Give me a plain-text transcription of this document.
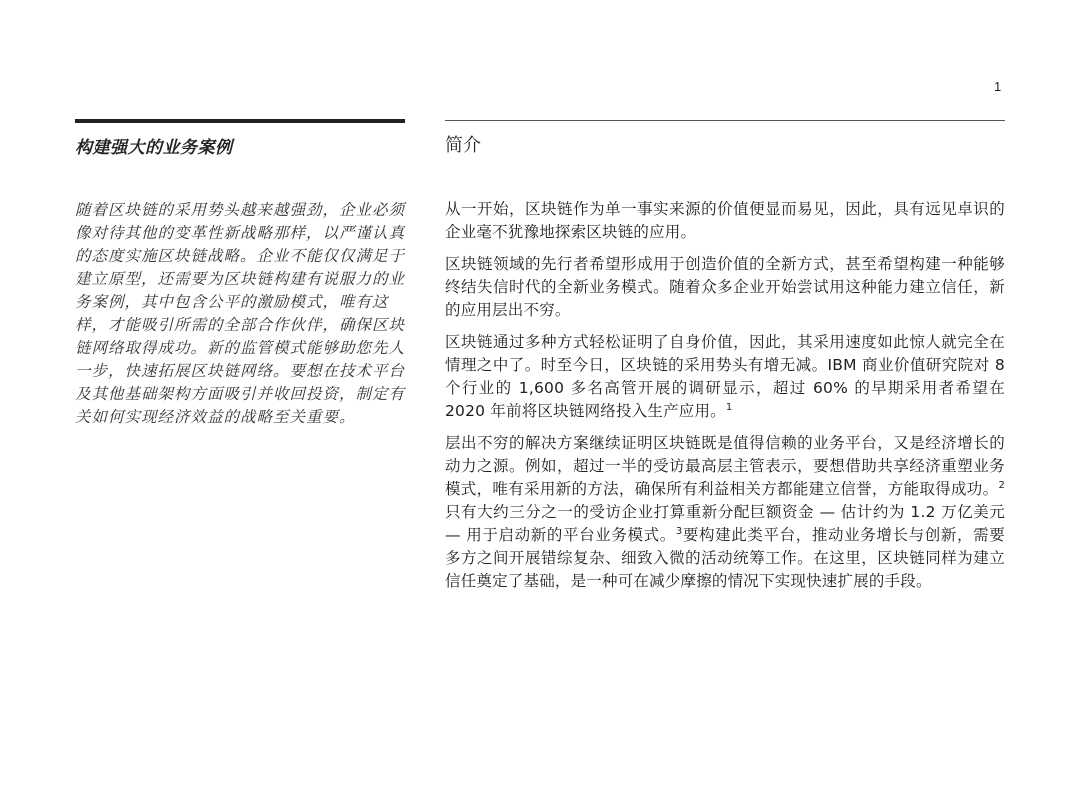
1
构建强大的业务案例
随着区块链的采用势头越来越强劲，企业必须像对待其他的变革性新战略那样，以严谨认真的态度实施区块链战略。企业不能仅仅满足于建立原型，还需要为区块链构建有说服力的业务案例，其中包含公平的激励模式，唯有这样，才能吸引所需的全部合作伙伴，确保区块链网络取得成功。新的监管模式能够助您先人一步，快速拓展区块链网络。要想在技术平台及其他基础架构方面吸引并收回投资，制定有关如何实现经济效益的战略至关重要。
简介

从一开始，区块链作为单一事实来源的价值便显而易见，因此，具有远见卓识的企业毫不犹豫地探索区块链的应用。

区块链领域的先行者希望形成用于创造价值的全新方式，甚至希望构建一种能够终结失信时代的全新业务模式。随着众多企业开始尝试用这种能力建立信任，新的应用层出不穷。

区块链通过多种方式轻松证明了自身价值，因此，其采用速度如此惊人就完全在情理之中了。时至今日，区块链的采用势头有增无减。IBM 商业价值研究院对 8 个行业的 1,600 多名高管开展的调研显示，超过 60% 的早期采用者希望在 2020 年前将区块链网络投入生产应用。$^1$

层出不穷的解决方案继续证明区块链既是值得信赖的业务平台，又是经济增长的动力之源。例如，超过一半的受访最高层主管表示，要想借助共享经济重塑业务模式，唯有采用新的方法，确保所有利益相关方都能建立信誉，方能取得成功。$^2$ 只有大约三分之一的受访企业打算重新分配巨额资金 — 估计约为 1.2 万亿美元 — 用于启动新的平台业务模式。$^3$要构建此类平台，推动业务增长与创新，需要多方之间开展错综复杂、细致入微的活动统筹工作。在这里，区块链同样为建立信任奠定了基础，是一种可在减少摩擦的情况下实现快速扩展的手段。
